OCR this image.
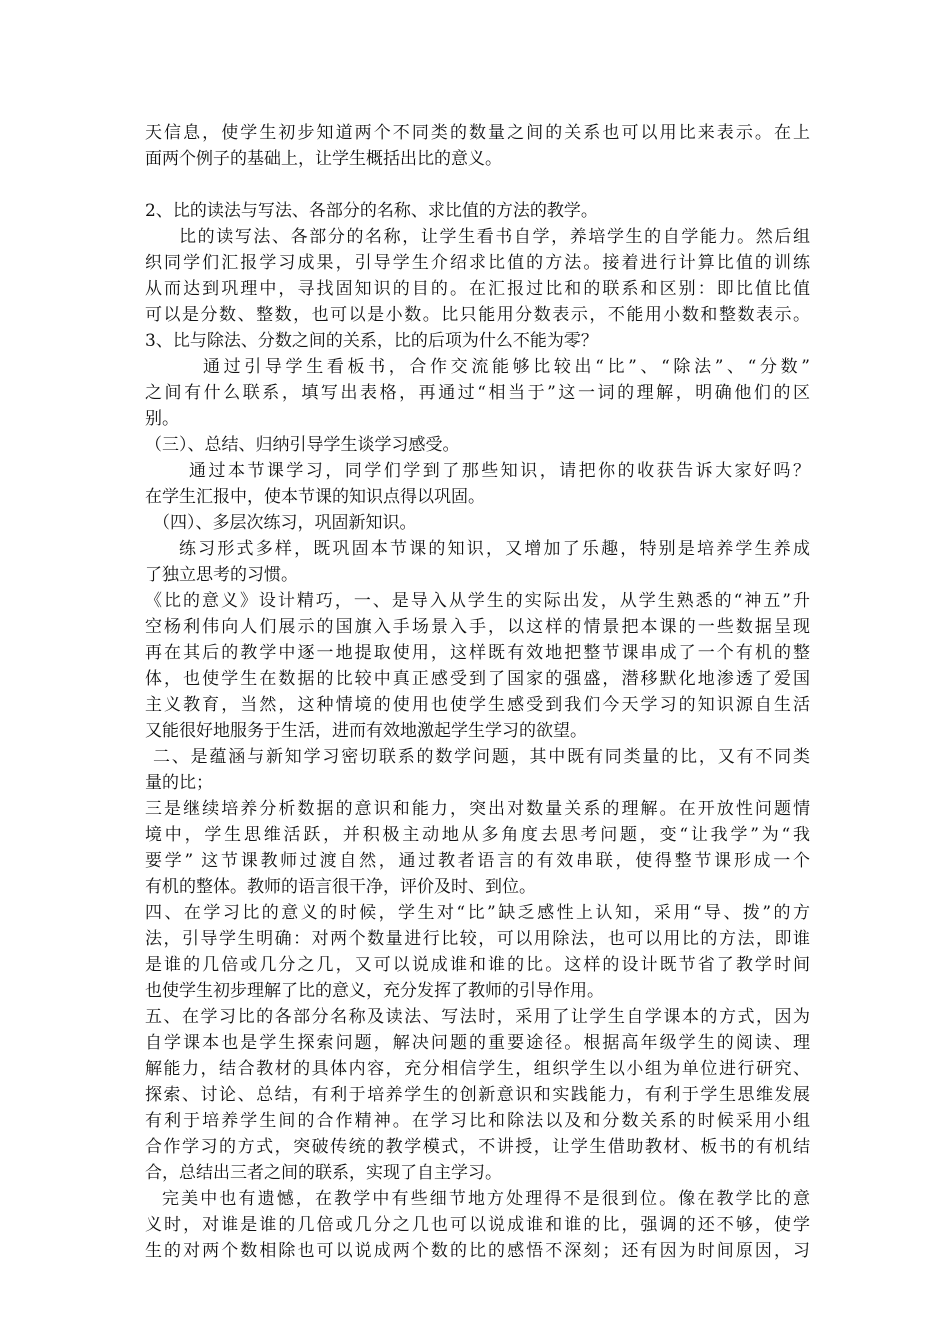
天信息，使学生初步知道两个不同类的数量之间的关系也可以用比来表示。在上
面两个例子的基础上，让学生概括出比的意义。
2、比的读法与写法、各部分的名称、求比值的方法的教学。
比的读写法、各部分的名称，让学生看书自学，养培学生的自学能力。然后组
织同学们汇报学习成果，引导学生介绍求比值的方法。接着进行计算比值的训练
从而达到巩理中，寻找固知识的目的。在汇报过比和的联系和区别：即比值比值
可以是分数、整数，也可以是小数。比只能用分数表示，不能用小数和整数表示。
3、比与除法、分数之间的关系，比的后项为什么不能为零？
通过引导学生看板书，合作交流能够比较出“比”、“除法”、“分数”
之间有什么联系，填写出表格，再通过“相当于”这一词的理解，明确他们的区
别。
（三）、总结、归纳引导学生谈学习感受。
通过本节课学习，同学们学到了那些知识，请把你的收获告诉大家好吗？
在学生汇报中，使本节课的知识点得以巩固。
（四）、多层次练习，巩固新知识。
练习形式多样，既巩固本节课的知识，又增加了乐趣，特别是培养学生养成
了独立思考的习惯。
《比的意义》设计精巧，一、是导入从学生的实际出发，从学生熟悉的“神五”升
空杨利伟向人们展示的国旗入手场景入手，以这样的情景把本课的一些数据呈现
再在其后的教学中逐一地提取使用，这样既有效地把整节课串成了一个有机的整
体，也使学生在数据的比较中真正感受到了国家的强盛，潜移默化地渗透了爱国
主义教育，当然，这种情境的使用也使学生感受到我们今天学习的知识源自生活
又能很好地服务于生活，进而有效地激起学生学习的欲望。
二、是蕴涵与新知学习密切联系的数学问题，其中既有同类量的比，又有不同类
量的比；
三是继续培养分析数据的意识和能力，突出对数量关系的理解。在开放性问题情
境中，学生思维活跃，并积极主动地从多角度去思考问题，变“让我学”为“我
要学” 这节课教师过渡自然，通过教者语言的有效串联，使得整节课形成一个
有机的整体。教师的语言很干净，评价及时、到位。
四、在学习比的意义的时候，学生对“比”缺乏感性上认知，采用“导、拨”的方
法，引导学生明确：对两个数量进行比较，可以用除法，也可以用比的方法，即谁
是谁的几倍或几分之几，又可以说成谁和谁的比。这样的设计既节省了教学时间
也使学生初步理解了比的意义，充分发挥了教师的引导作用。
五、在学习比的各部分名称及读法、写法时，采用了让学生自学课本的方式，因为
自学课本也是学生探索问题，解决问题的重要途径。根据高年级学生的阅读、理
解能力，结合教材的具体内容，充分相信学生，组织学生以小组为单位进行研究、
探索、讨论、总结，有利于培养学生的创新意识和实践能力，有利于学生思维发展
有利于培养学生间的合作精神。在学习比和除法以及和分数关系的时候采用小组
合作学习的方式，突破传统的教学模式，不讲授，让学生借助教材、板书的有机结
合，总结出三者之间的联系，实现了自主学习。
完美中也有遗憾，在教学中有些细节地方处理得不是很到位。像在教学比的意
义时，对谁是谁的几倍或几分之几也可以说成谁和谁的比，强调的还不够，使学
生的对两个数相除也可以说成两个数的比的感悟不深刻；还有因为时间原因，习
